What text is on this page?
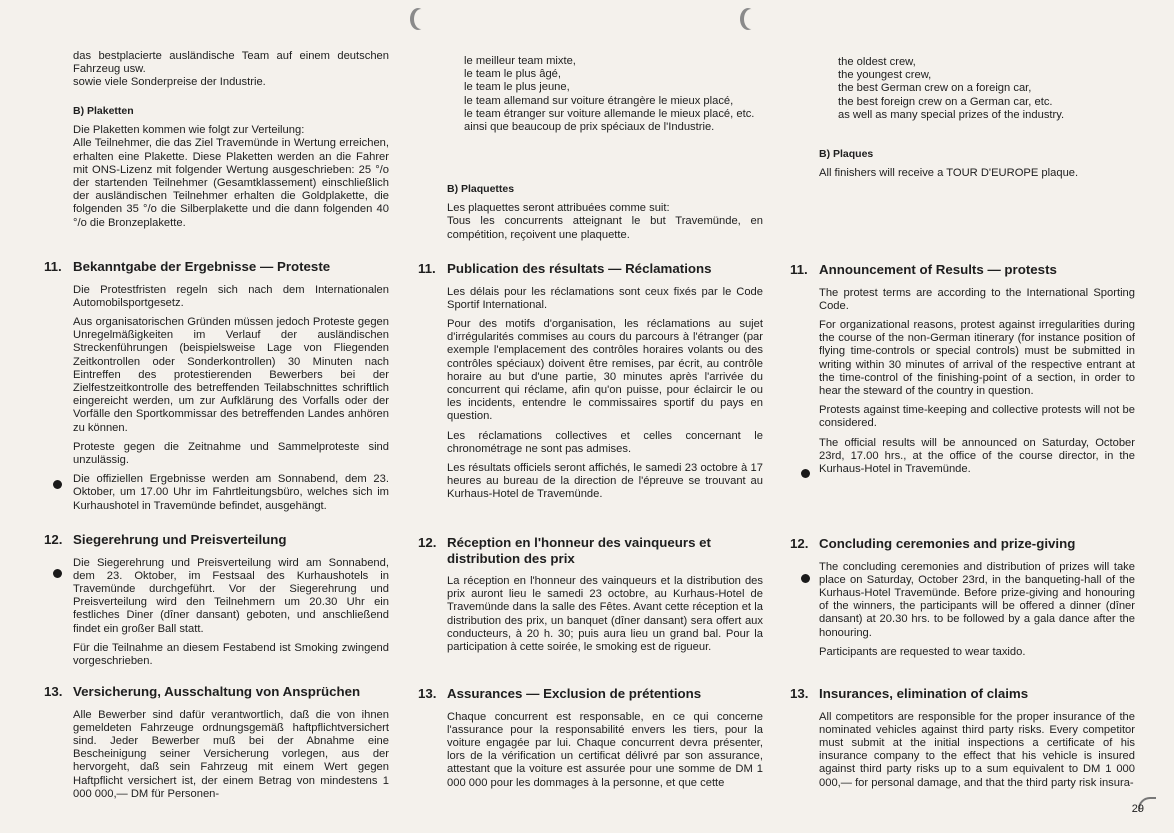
das bestplacierte ausländische Team auf einem deutschen Fahrzeug usw.

sowie viele Sonderpreise der Industrie.

B) Plaketten

Die Plaketten kommen wie folgt zur Verteilung:

Alle Teilnehmer, die das Ziel Travemünde in Wertung erreichen, erhalten eine Plakette. Diese Plaketten werden an die Fahrer mit ONS-Lizenz mit folgender Wertung ausgeschrieben: 25 °/o der startenden Teilnehmer (Gesamtklassement) einschließlich der ausländischen Teilnehmer erhalten die Goldplakette, die folgenden 35 °/o die Silberplakette und die dann folgenden 40 °/o die Bronzeplakette.

11. Bekanntgabe der Ergebnisse — Proteste

Die Protestfristen regeln sich nach dem Internationalen Automobilsportgesetz.

Aus organisatorischen Gründen müssen jedoch Proteste gegen Unregelmäßigkeiten im Verlauf der ausländischen Streckenführungen (beispielsweise Lage von Fliegenden Zeitkontrollen oder Sonderkontrollen) 30 Minuten nach Eintreffen des protestierenden Bewerbers bei der Zielfestzeitkontrolle des betreffenden Teilabschnittes schriftlich eingereicht werden, um zur Aufklärung des Vorfalls oder der Vorfälle den Sportkommissar des betreffenden Landes anhören zu können.

Proteste gegen die Zeitnahme und Sammelproteste sind unzulässig.

Die offiziellen Ergebnisse werden am Sonnabend, dem 23. Oktober, um 17.00 Uhr im Fahrtleitungsbüro, welches sich im Kurhaushotel in Travemünde befindet, ausgehängt.

12. Siegerehrung und Preisverteilung

Die Siegerehrung und Preisverteilung wird am Sonnabend, dem 23. Oktober, im Festsaal des Kurhaushotels in Travemünde durchgeführt. Vor der Siegerehrung und Preisverteilung wird den Teilnehmern um 20.30 Uhr ein festliches Diner (dîner dansant) geboten, und anschließend findet ein großer Ball statt.

Für die Teilnahme an diesem Festabend ist Smoking zwingend vorgeschrieben.

13. Versicherung, Ausschaltung von Ansprüchen

Alle Bewerber sind dafür verantwortlich, daß die von ihnen gemeldeten Fahrzeuge ordnungsgemäß haftpflichtversichert sind. Jeder Bewerber muß bei der Abnahme eine Bescheinigung seiner Versicherung vorlegen, aus der hervorgeht, daß sein Fahrzeug mit einem Wert gegen Haftpflicht versichert ist, der einem Betrag von mindestens 1 000 000,— DM für Personen-

le meilleur team mixte,

le team le plus âgé,

le team le plus jeune,

le team allemand sur voiture étrangère le mieux placé,

le team étranger sur voiture allemande le mieux placé, etc.

ainsi que beaucoup de prix spéciaux de l'Industrie.

B) Plaquettes

Les plaquettes seront attribuées comme suit:

Tous les concurrents atteignant le but Travemünde, en compétition, reçoivent une plaquette.

11. Publication des résultats — Réclamations

Les délais pour les réclamations sont ceux fixés par le Code Sportif International.

Pour des motifs d'organisation, les réclamations au sujet d'irrégularités commises au cours du parcours à l'étranger (par exemple l'emplacement des contrôles horaires volants ou des contrôles spéciaux) doivent être remises, par écrit, au contrôle horaire au but d'une partie, 30 minutes après l'arrivée du concurrent qui réclame, afin qu'on puisse, pour éclaircir le ou les incidents, entendre le commissaires sportif du pays en question.

Les réclamations collectives et celles concernant le chronométrage ne sont pas admises.

Les résultats officiels seront affichés, le samedi 23 octobre à 17 heures au bureau de la direction de l'épreuve se trouvant au Kurhaus-Hotel de Travemünde.

12. Réception en l'honneur des vainqueurs et distribution des prix

La réception en l'honneur des vainqueurs et la distribution des prix auront lieu le samedi 23 octobre, au Kurhaus-Hotel de Travemünde dans la salle des Fêtes. Avant cette réception et la distribution des prix, un banquet (dîner dansant) sera offert aux conducteurs, à 20 h. 30; puis aura lieu un grand bal. Pour la participation à cette soirée, le smoking est de rigueur.

13. Assurances — Exclusion de prétentions

Chaque concurrent est responsable, en ce qui concerne l'assurance pour la responsabilité envers les tiers, pour la voiture engagée par lui. Chaque concurrent devra présenter, lors de la vérification un certificat délivré par son assurance, attestant que la voiture est assurée pour une somme de DM 1 000 000 pour les dommages à la personne, et que cette

the oldest crew,

the youngest crew,

the best German crew on a foreign car,

the best foreign crew on a German car, etc.

as well as many special prizes of the industry.

B) Plaques

All finishers will receive a TOUR D'EUROPE plaque.

11. Announcement of Results — protests

The protest terms are according to the International Sporting Code.

For organizational reasons, protest against irregularities during the course of the non-German itinerary (for instance position of flying time-controls or special controls) must be submitted in writing within 30 minutes of arrival of the respective entrant at the time-control of the finishing-point of a section, in order to hear the steward of the country in question.

Protests against time-keeping and collective protests will not be considered.

The official results will be announced on Saturday, October 23rd, 17.00 hrs., at the office of the course director, in the Kurhaus-Hotel in Travemünde.

12. Concluding ceremonies and prize-giving

The concluding ceremonies and distribution of prizes will take place on Saturday, October 23rd, in the banqueting-hall of the Kurhaus-Hotel Travemünde. Before prize-giving and honouring of the winners, the participants will be offered a dinner (dîner dansant) at 20.30 hrs. to be followed by a gala dance after the honouring.

Participants are requested to wear taxido.

13. Insurances, elimination of claims

All competitors are responsible for the proper insurance of the nominated vehicles against third party risks. Every competitor must submit at the initial inspections a certificate of his insurance company to the effect that his vehicle is insured against third party risks up to a sum equivalent to DM 1 000 000,— for personal damage, and that the third party risk insura-

29
